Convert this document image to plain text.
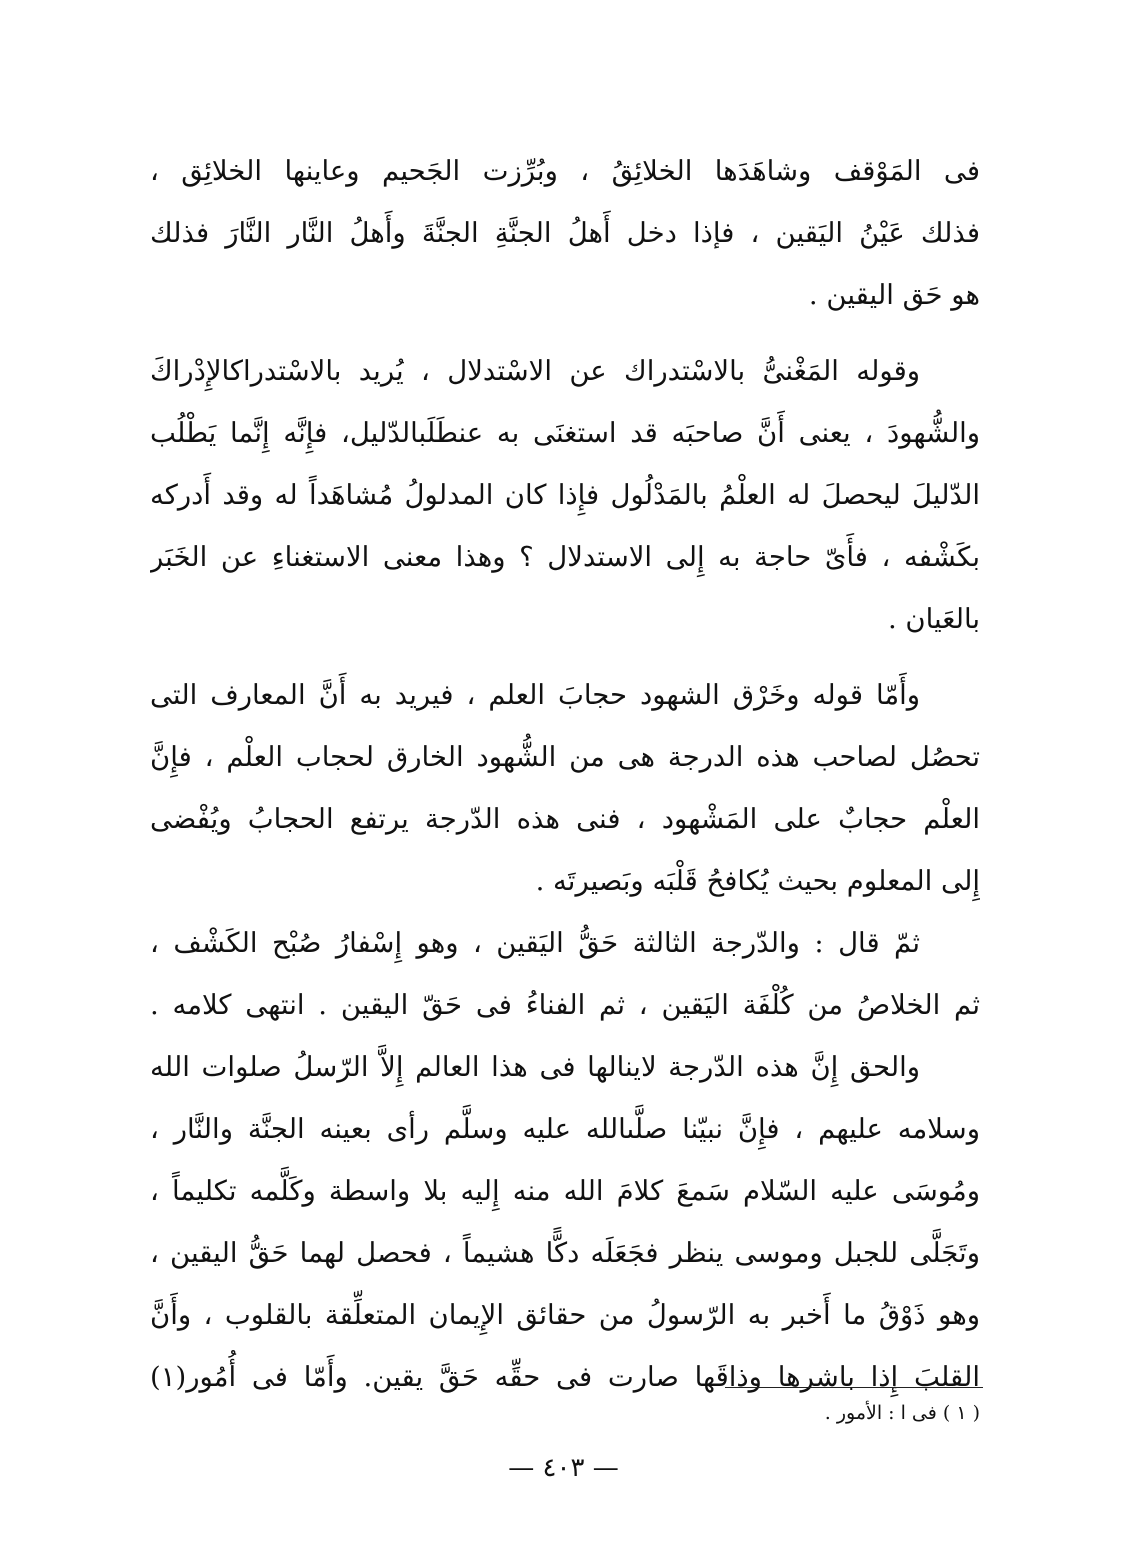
فى المَوْقف وشاهَدَها الخلائِقُ ، وبُرِّزت الجَحيم وعاينها الخلائِق ،
فذلك عَيْنُ اليَقين ، فإذا دخل أَهلُ الجنَّةِ الجنَّةَ وأَهلُ النَّار النَّارَ فذلك
هو حَق اليقين .
وقوله المَغْنىُّ بالاسْتدراك عن الاسْتدلال ، يُريد بالاسْتدراكالإِدْراكَ
والشُّهودَ ، يعنى أَنَّ صاحبَه قد استغنَى به عنطَلَبالدّليل، فإِنَّه إِنَّما يَطْلُب
الدّليلَ ليحصلَ له العلْمُ بالمَدْلُول فإِذا كان المدلولُ مُشاهَداً له وقد أَدركه
بكَشْفه ، فأَىّ حاجة به إِلى الاستدلال ؟ وهذا معنى الاستغناءِ عن الخَبَر
بالعَيان .
وأَمّا قوله وخَرْق الشهود حجابَ العلم ، فيريد به أَنَّ المعارف التى
تحصُل لصاحب هذه الدرجة هى من الشُّهود الخارق لحجاب العلْم ، فإِنَّ
العلْم حجابٌ على المَشْهود ، فنى هذه الدّرجة يرتفع الحجابُ ويُفْضى
إِلى المعلوم بحيث يُكافحُ قَلْبَه وبَصيرتَه .
ثمّ قال : والدّرجة الثالثة حَقُّ اليَقين ، وهو إِسْفارُ صُبْح الكَشْف ،
ثم الخلاصُ من كُلْفَة اليَقين ، ثم الفناءُ فى حَقّ اليقين . انتهى كلامه .
والحق إِنَّ هذه الدّرجة لاينالها فى هذا العالم إِلاَّ الرّسلُ صلوات الله
وسلامه عليهم ، فإِنَّ نبيّنا صلَّىالله عليه وسلَّم رأى بعينه الجنَّة والنَّار ،
ومُوسَى عليه السّلام سَمعَ كلامَ الله منه إِليه بلا واسطة وكَلَّمه تكليماً ،
وتَجَلَّى للجبل وموسى ينظر فجَعَلَه دكًّا هشيماً ، فحصل لهما حَقُّ اليقين ،
وهو ذَوْقُ ما أَخبر به الرّسولُ من حقائق الإِيمان المتعلِّقة بالقلوب ، وأَنَّ
القلبَ إِذا باشرها وذاقَها صارت فى حقِّه حَقَّ يقين. وأَمّا فى أُمُور(١)
( ١ ) فى ا : الأمور .
— ٤٠٣ —
